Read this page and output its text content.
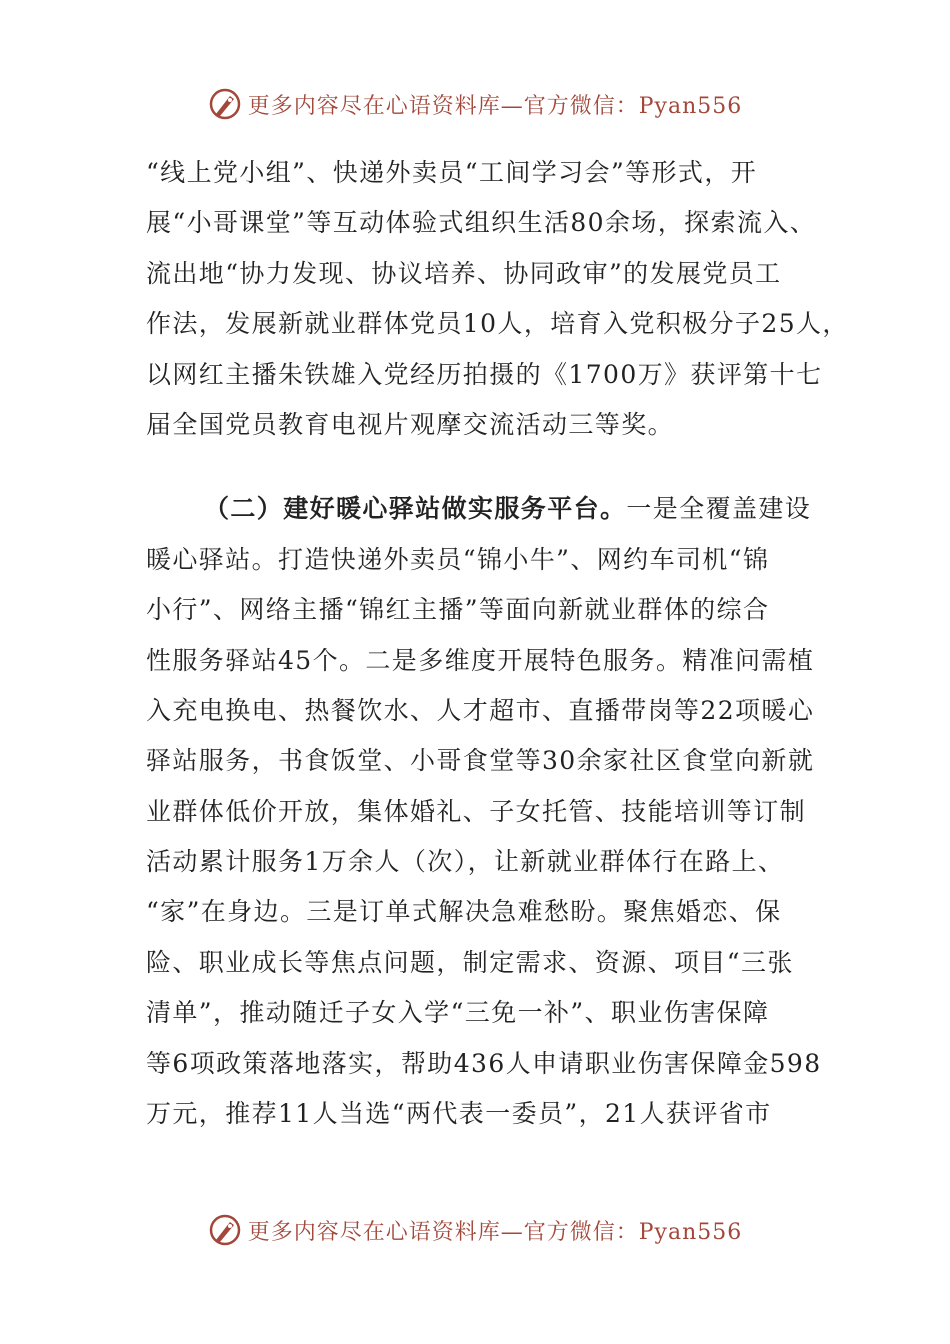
更多内容尽在心语资料库—官方微信：Pyan556
“线上党小组”、快递外卖员“工间学习会”等形式，开
展“小哥课堂”等互动体验式组织生活80余场，探索流入、
流出地“协力发现、协议培养、协同政审”的发展党员工
作法，发展新就业群体党员10人，培育入党积极分子25人，
以网红主播朱铁雄入党经历拍摄的《1700万》获评第十七
届全国党员教育电视片观摩交流活动三等奖。
（二）建好暖心驿站做实服务平台。一是全覆盖建设
暖心驿站。打造快递外卖员“锦小牛”、网约车司机“锦
小行”、网络主播“锦红主播”等面向新就业群体的综合
性服务驿站45个。二是多维度开展特色服务。精准问需植
入充电换电、热餐饮水、人才超市、直播带岗等22项暖心
驿站服务，书食饭堂、小哥食堂等30余家社区食堂向新就
业群体低价开放，集体婚礼、子女托管、技能培训等订制
活动累计服务1万余人（次），让新就业群体行在路上、
“家”在身边。三是订单式解决急难愁盼。聚焦婚恋、保
险、职业成长等焦点问题，制定需求、资源、项目“三张
清单”，推动随迁子女入学“三免一补”、职业伤害保障
等6项政策落地落实，帮助436人申请职业伤害保障金598
万元，推荐11人当选“两代表一委员”，21人获评省市
更多内容尽在心语资料库—官方微信：Pyan556
